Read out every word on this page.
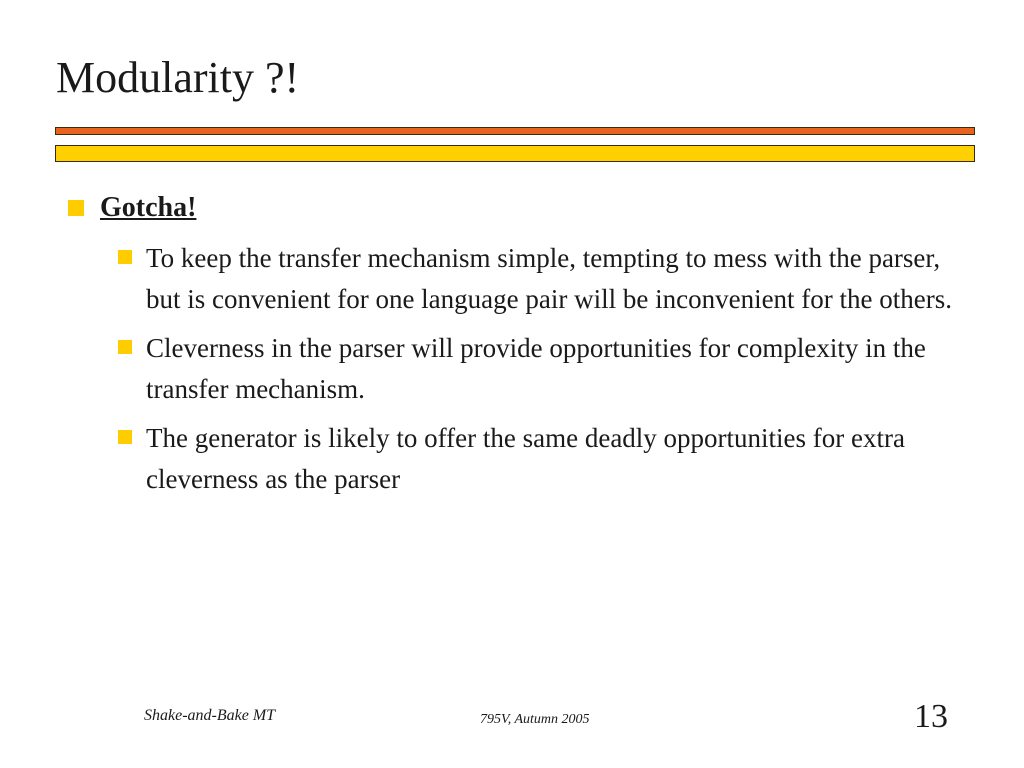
Modularity ?!
Gotcha!
To keep the transfer mechanism simple, tempting to mess with the parser, but is convenient for one language pair will be inconvenient for the others.
Cleverness in the parser will provide opportunities for complexity in the transfer mechanism.
The generator is likely to offer the same deadly opportunities for extra cleverness as the parser
Shake-and-Bake MT	795V, Autumn 2005	13
